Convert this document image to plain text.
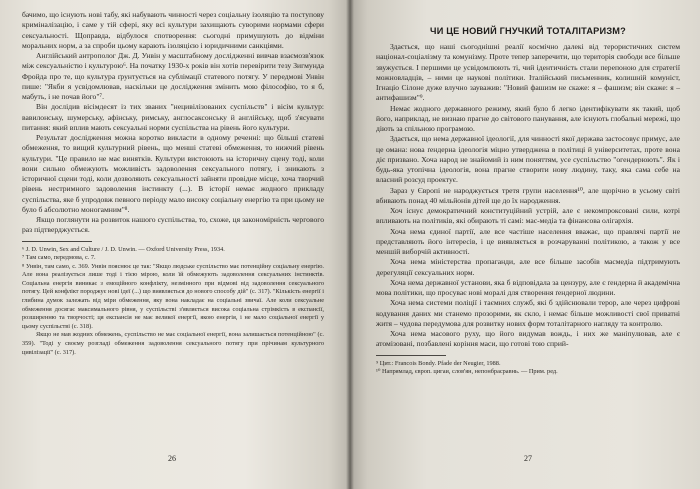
бачимо, що існують нові табу, які набувають чинності через соціальну ізоляцію та поступову криміналізацію, і саме у тій сфері, яку всі культури захищають суворими нормами сфери сексуальності. Щоправда, відбулося спотворення: сьогодні примушують до відміни моральних норм, а за спроби цьому карають ізоляцією і юридичними санкціями.

Англійський антрополог Дж. Д. Унвін у масштабному дослідженні вивчав взаємозв'язок між сексуальністю і культурою⁶. На початку 1930-х років він хотів перевірити тезу Зигмунда Фройда про те, що культура ґрунтується на сублімації статевого потягу. У передмові Унвін пише: "Якби я усвідомлював, наскільки це дослідження змінить мою філософію, то я б, мабуть, і не почав його"⁷.

Він дослідив вісімдесят із тих званих "нецивілізованих суспільств" і вісім культур: вавилонську, шумерську, афінську, римську, англосаксонську й англійську, щоб з'ясувати питання: який вплив мають сексуальні норми суспільства на рівень його культури.

Результат дослідження можна коротко викласти в одному реченні: що більші статеві обмеження, то вищий культурний рівень, що менші статеві обмеження, то нижчий рівень культури. "Це правило не має винятків. Культури вистоюють на історичну сцену тоді, коли вони сильно обмежують можливість задоволення сексуального потягу, і зникають з історичної сцени тоді, коли дозволяють сексуальності зайняти провідне місце, хоча творчий рівень нестримного задоволення інстинкту (...). В історії немає жодного прикладу суспільства, яке б упродовж певного періоду мало високу соціальну енергію та при цьому не було б абсолютно моногамним"⁸.

Якщо поглянути на розвиток нашого суспільства, то, схоже, ця закономірність чергового раз підтверджується.

⁶ J. D. Unwin, Sex and Culture / J. D. Unwin. — Oxford University Press, 1934.

⁷ Там само, передмова, с. 7.

⁸ Унвін, там само, с. 369. Унвін пояснює це так: "Якщо людське суспільство має потенційну соціальну енергію. Але вона реалізується лише тоді і тією мірою, коли їй обмежують задоволення сексуальних інстинктів. Соціальна енергія виникає з емоційного конфлікту, незмінного при відмові від задоволення сексуального потягу. Цей конфлікт породжує нові ідеї (...) що виявляється до нового способу дій" (с. 317). "Кількість енергії і глибина думок залежать від міри обмеження, яку вона накладає на соціальні звичаї. Але коли сексуальне обмеження досягає максимального рівня, у суспільстві з'являється висока соціальна стрімкість в експансії, розширенню та творчості; ця експансія не має великої енергії, якою енергія, і не мало соціальної енергії у цьому суспільстві (с. 318).

Якщо не мав жодних обмежень, суспільство не має соціальної енергії, вона залишається потенційною" (с. 359). "Тоді у своєму розгладі обмеження задоволення сексуального потягу при прічинам культурного цивілізації" (с. 317).

26
ЧИ ЦЕ НОВИЙ ГНУЧКИЙ ТОТАЛІТАРИЗМ?

Здається, що наші сьогоднішні реалії космічно далекі від терористичних систем націонал-соціалізму та комунізму. Проте тепер заперечити, що територія свободи все більше звужується. І першими це усвідомлюють ті, чий ідентичність стали перепоною для стратегії можновладців, – ними це наукові політики. Італійський письменник, колишній комуніст, Ігнаціо Сілоне дуже влучно зауважив: "Новий фашизм не скаже: я – фашизм; він скаже: я – антифашизм"⁹.

Немає жодного державного режиму, який було б легко ідентифікувати як такий, щоб його, наприклад, не визнаю прагне до світового панування, але існують глобальні мережі, що діють за спільною програмою.

Здається, що нема державної ідеології, для чинності якої держава застосовує примус, але це омана: нова ґендерна ідеологія міцно утверджена в політиці й університетах, проте вона діє призвано. Хоча народ не знайомий із ним поняттям, усе суспільство "огендерюють". Як і будь-яка утопічна ідеологія, вона прагне створити нову людину, таку, яка сама себе на власний розсуд проектує.

Зараз у Європі не народжується третя групи населення¹⁰, але щорічно в усьому світі вбивають понад 40 мільйонів дітей ще до їх народження.

Хоч існує демократичний конституційний устрій, але є некомпроксовані сили, котрі впливають на політиків, які обирають ті самі: мас-медіа та фінансова олігархія.

Хоча нема єдиної партії, але все частіше населення вважає, що правлячі партії не представляють його інтересів, і це виявляється в розчаруванні політикою, а також у все меншій виборчій активності.

Хоча нема міністерства пропаганди, але все більше засобів масмедіа підтримують дерегуляції сексуальних норм.

Хоча нема державної установи, яка б відповідала за цензуру, але є ґендерна й академічна мова політики, що просуває нові моралі для створення ґендерної людини.

Хоча нема системи поліції і таємних служб, які б здійснювали терор, але через цифрові кодування даних ми станемо прозорими, як скло, і немає більше можливості свої приватні житя – чудова передумова для розвитку нових форм тоталітарного нагляду та контролю.

Хоча нема масового руху, що його видумав вождь, і них же маніпулював, але є атомізовані, позбавлені коріння маси, що готові тою сприй-

⁹ Цит.: Francois Bondy. Pfade der Neugier, 1988.

¹⁰ Напрямлад, європ. цигаи, слов'ян, непонбрасравнь. — Прим. ред.

27
